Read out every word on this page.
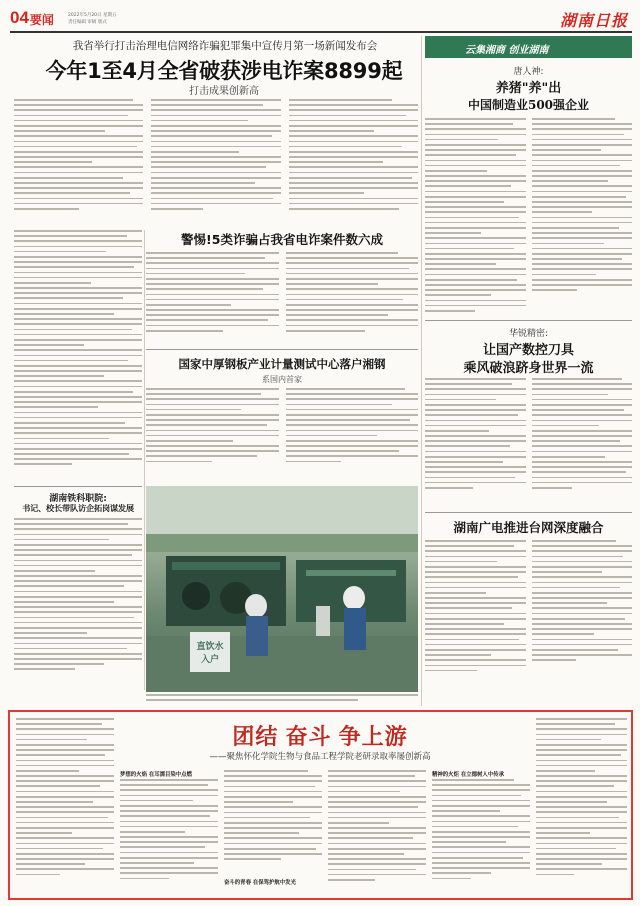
04 要闻	2022年5月20日 星期五
责任编辑 审稿 版式	湖南日报
我省举行打击治理电信网络诈骗犯罪集中宣传月第一场新闻发布会
今年1至4月全省破获涉电诈案8899起
打击成果创新高
警惕!5类诈骗占我省电诈案件数六成
国家中厚钢板产业计量测试中心落户湘钢
系国内首家
湖南铁科职院:
书记、校长带队访企拓岗谋发展
直饮水
入户
云集湘商 创业湖南
唐人神:
养猪"养"出
中国制造业500强企业
华锐精密:
让国产数控刀具
乘风破浪跻身世界一流
湖南广电推进台网深度融合
团结 奋斗 争上游
——聚焦怀化学院生物与食品工程学院老研录取率屡创新高
梦想的火焰 在耳濡目染中点燃
奋斗的青春 在保驾护航中发光
精神的火炬 在立德树人中传承
